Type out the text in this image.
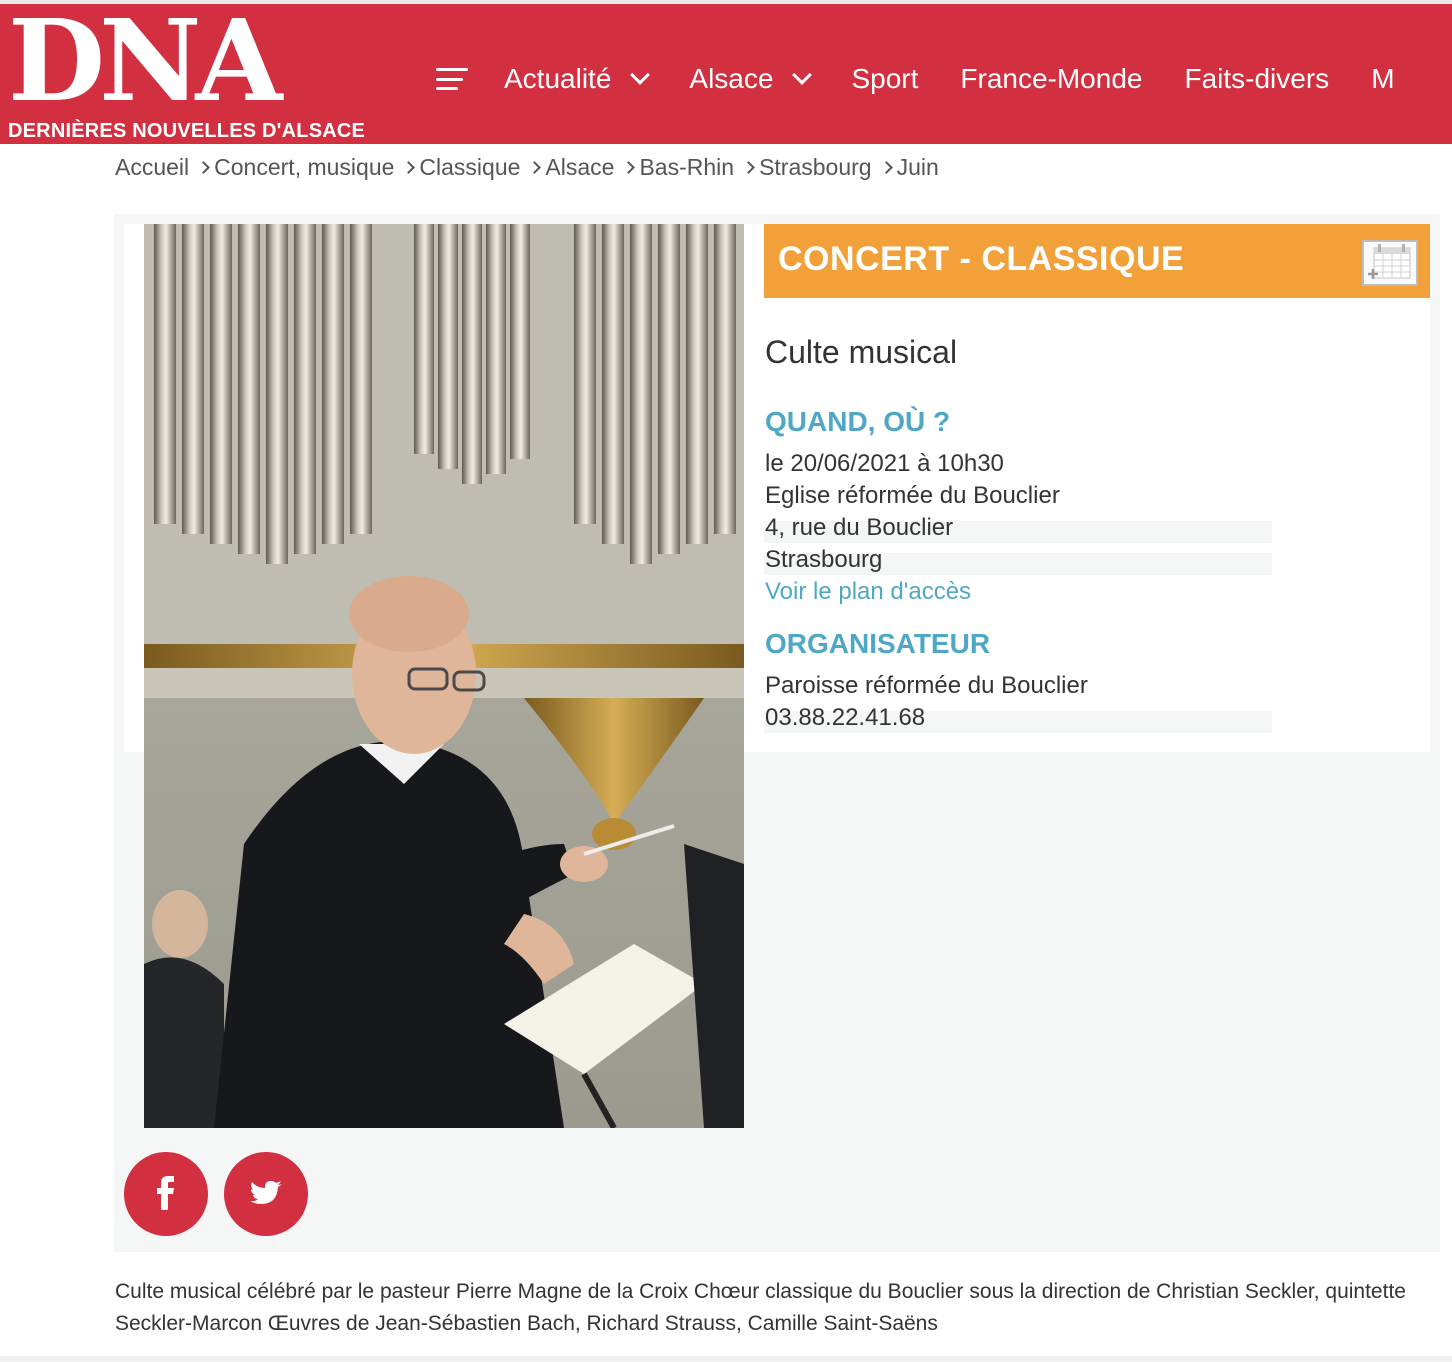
DNA
DERNIÈRES NOUVELLES D'ALSACE
Actualité	Alsace	Sport France-Monde Faits-divers M
Accueil Concert, musique Classique Alsace Bas-Rhin Strasbourg Juin
CONCERT - CLASSIQUE
Culte musical
QUAND, OÙ ?
le 20/06/2021 à 10h30
Eglise réformée du Bouclier
4, rue du Bouclier
Strasbourg
Voir le plan d'accès
ORGANISATEUR
Paroisse réformée du Bouclier
03.88.22.41.68
Culte musical célébré par le pasteur Pierre Magne de la Croix Chœur classique du Bouclier sous la direction de Christian Seckler, quintette Seckler-Marcon Œuvres de Jean-Sébastien Bach, Richard Strauss, Camille Saint-Saëns
